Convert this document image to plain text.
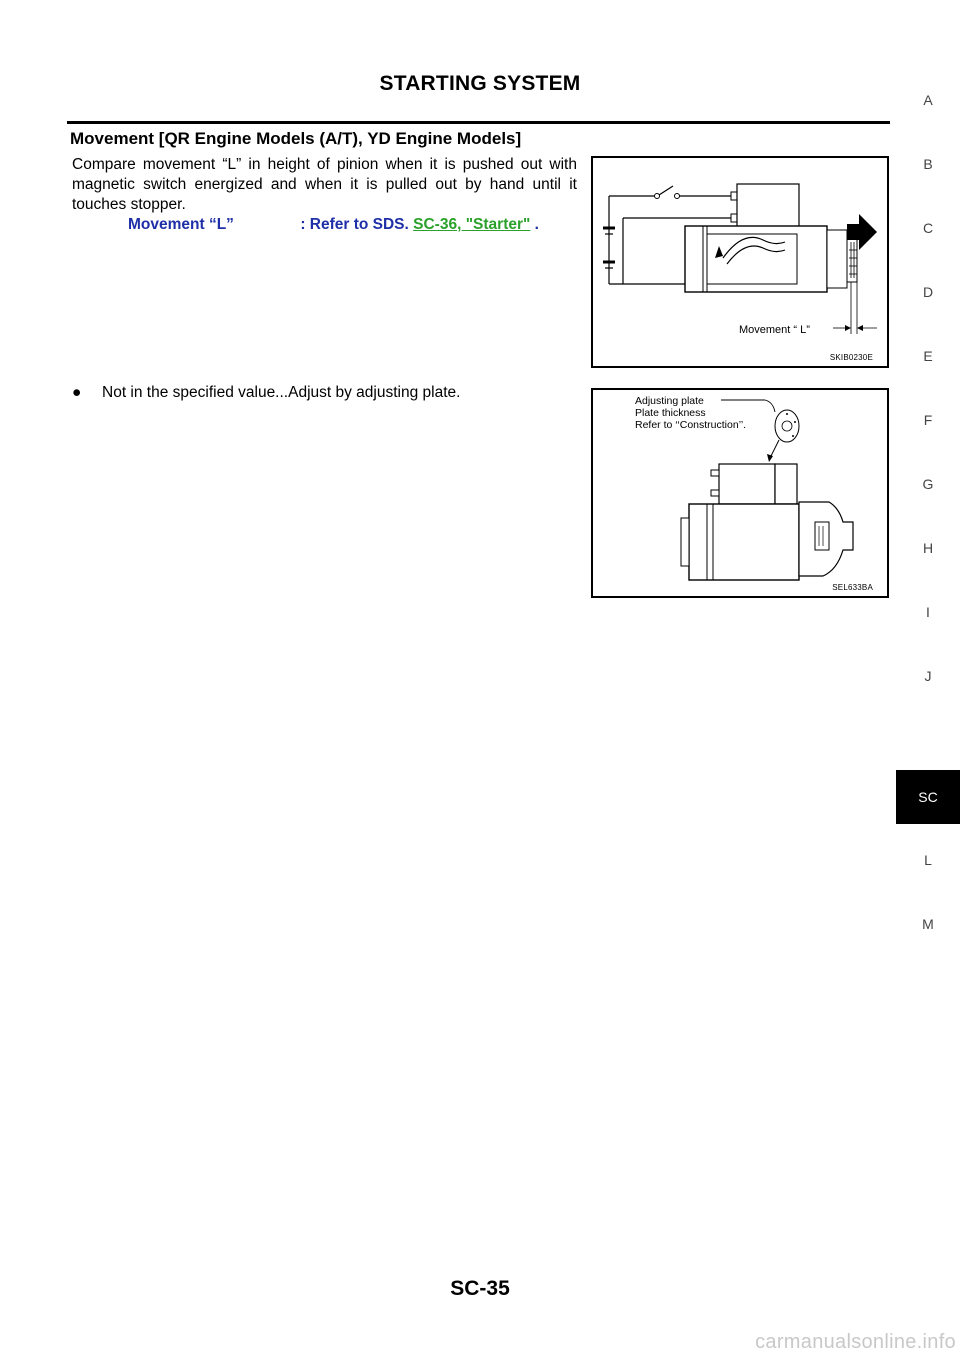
STARTING SYSTEM
Movement [QR Engine Models (A/T), YD Engine Models]
Compare movement “L” in height of pinion when it is pushed out with magnetic switch energized and when it is pulled out by hand until it touches stopper.
Movement “L”	: Refer to SDS. SC-36, "Starter" .
● Not in the specified value...Adjust by adjusting plate.
Movement “ L”
SKIB0230E
Adjusting plate
Plate thickness
Refer to ‘‘Construction’’.
SEL633BA
A
B
C
D
E
F
G
H
I
J
L
M
SC
SC-35
carmanualsonline.info
